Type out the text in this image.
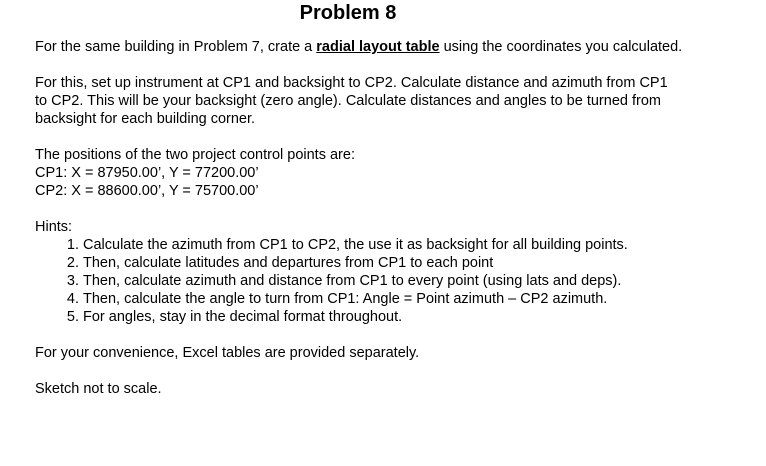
Problem 8

For the same building in Problem 7, crate a radial layout table using the coordinates you calculated.

For this, set up instrument at CP1 and backsight to CP2. Calculate distance and azimuth from CP1

to CP2. This will be your backsight (zero angle). Calculate distances and angles to be turned from

backsight for each building corner.

The positions of the two project control points are:

CP1: X = 87950.00’, Y = 77200.00’

CP2: X = 88600.00’, Y = 75700.00’

Hints:

1. Calculate the azimuth from CP1 to CP2, the use it as backsight for all building points.
2. Then, calculate latitudes and departures from CP1 to each point
3. Then, calculate azimuth and distance from CP1 to every point (using lats and deps).
4. Then, calculate the angle to turn from CP1: Angle = Point azimuth – CP2 azimuth.
5. For angles, stay in the decimal format throughout.

For your convenience, Excel tables are provided separately.

Sketch not to scale.
